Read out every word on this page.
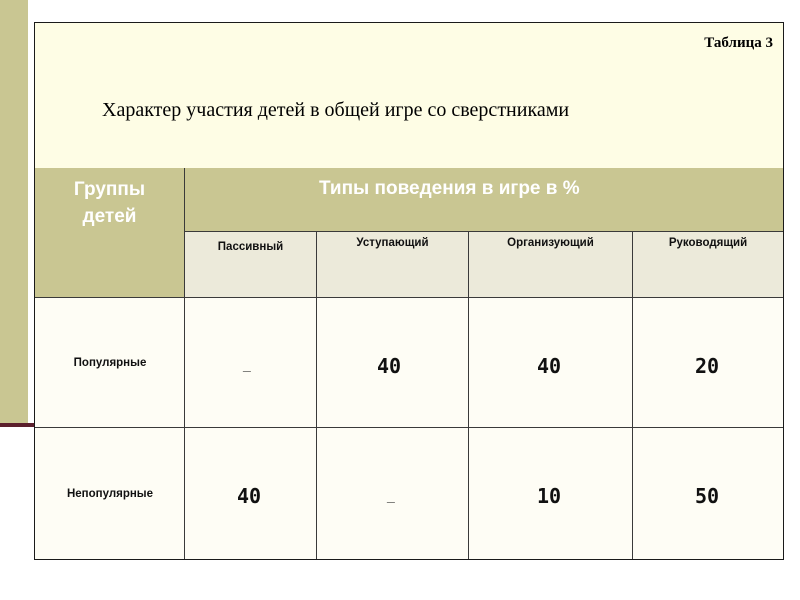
Таблица 3
Характер участия детей в общей игре со сверстниками
Группы
детей
Типы поведения в игре в %
Пассивный	Уступающий	Организующий	Руководящий
Популярные	_	40	40	20
Непопулярные	40	_	10	50
